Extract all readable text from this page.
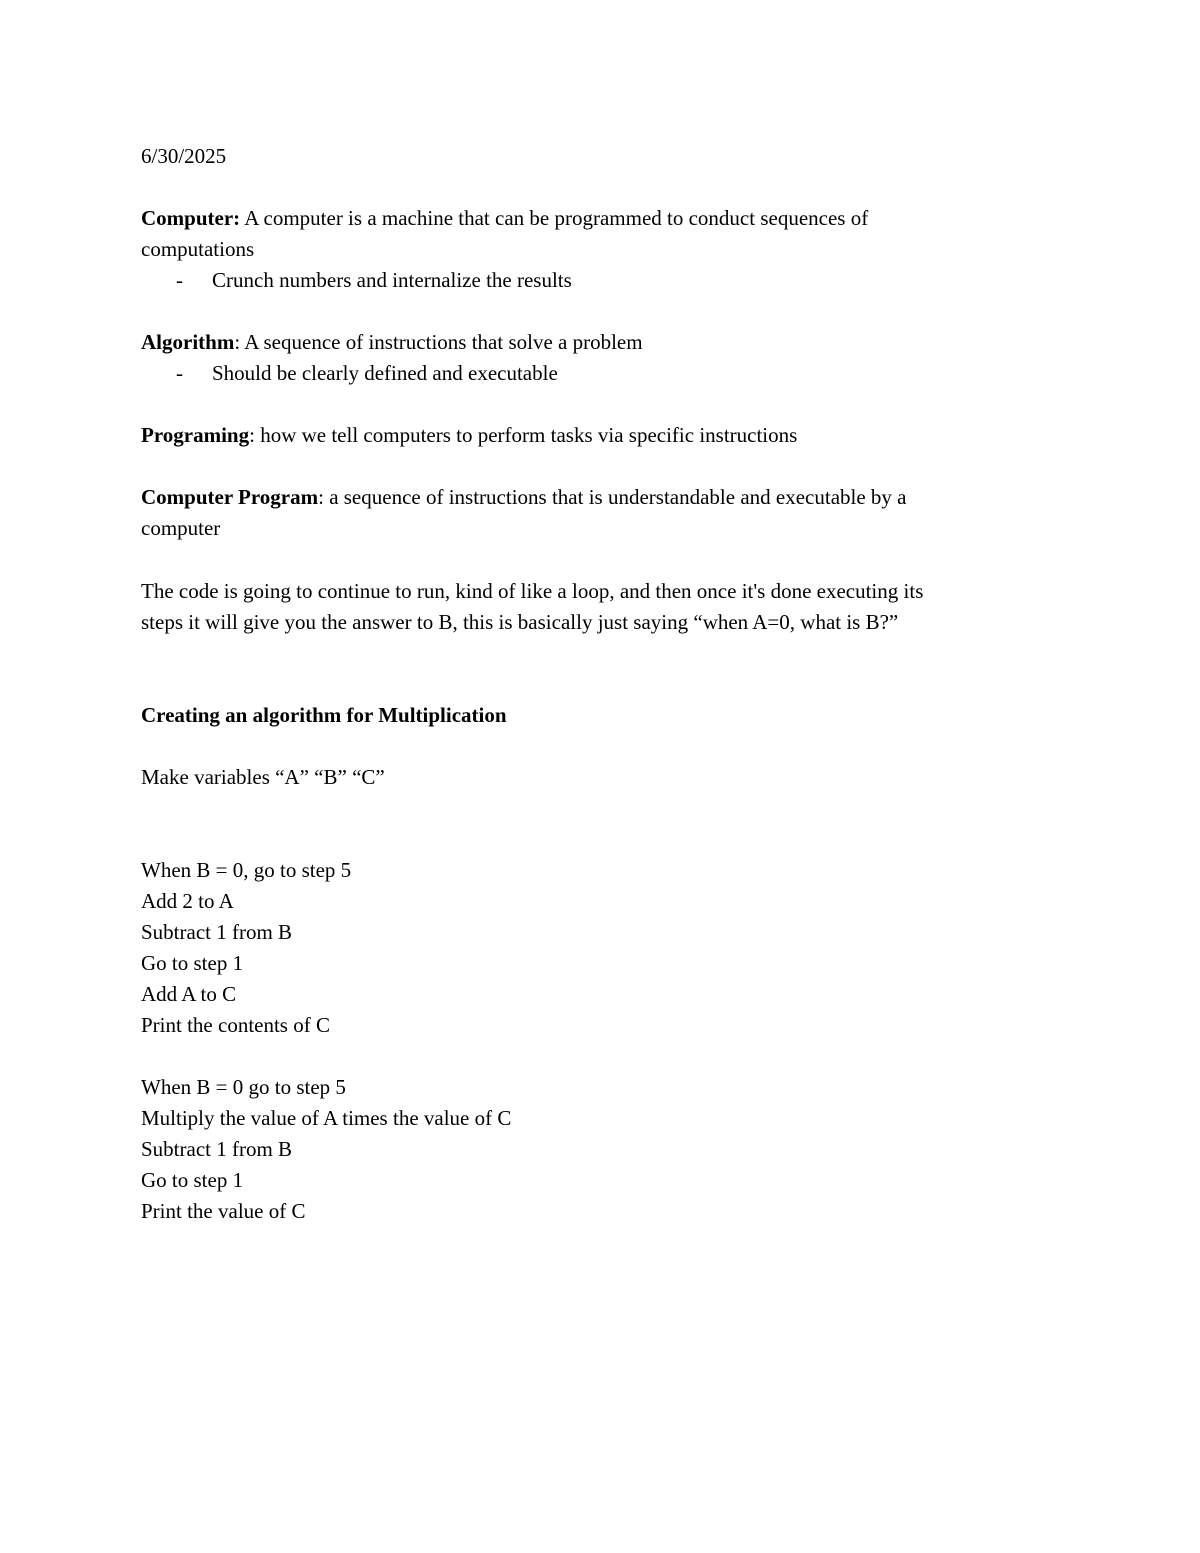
6/30/2025
Computer: A computer is a machine that can be programmed to conduct sequences of
computations
- Crunch numbers and internalize the results
Algorithm: A sequence of instructions that solve a problem
- Should be clearly defined and executable
Programing: how we tell computers to perform tasks via specific instructions
Computer Program: a sequence of instructions that is understandable and executable by a
computer
The code is going to continue to run, kind of like a loop, and then once it's done executing its
steps it will give you the answer to B, this is basically just saying “when A=0, what is B?”
Creating an algorithm for Multiplication
Make variables “A” “B” “C”
When B = 0, go to step 5
Add 2 to A
Subtract 1 from B
Go to step 1
Add A to C
Print the contents of C
When B = 0 go to step 5
Multiply the value of A times the value of C
Subtract 1 from B
Go to step 1
Print the value of C
